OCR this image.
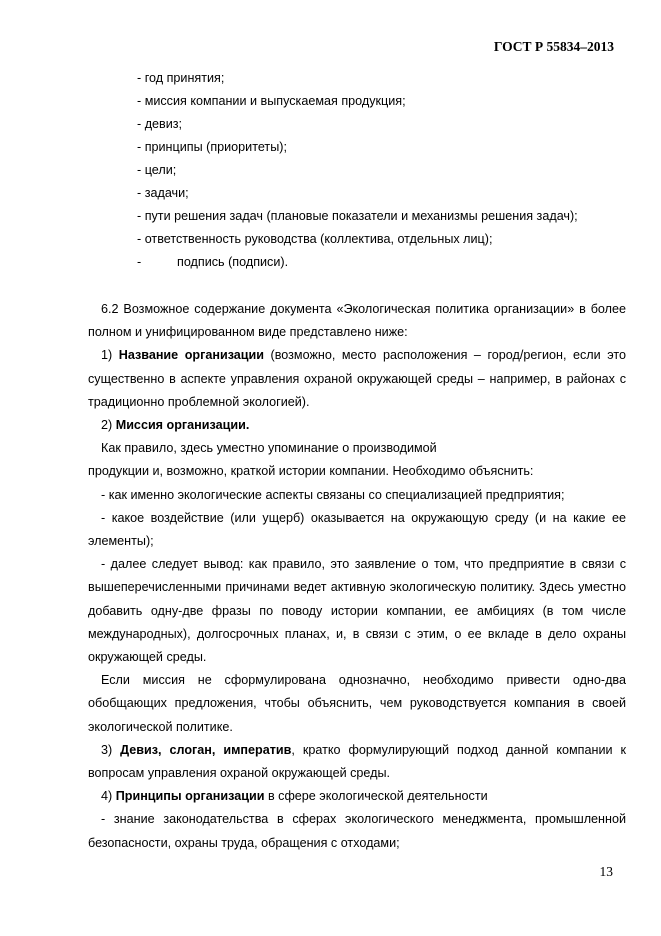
ГОСТ Р 55834–2013
- год принятия;
- миссия компании и выпускаемая продукция;
- девиз;
- принципы (приоритеты);
- цели;
- задачи;
- пути решения задач (плановые показатели и механизмы решения задач);
- ответственность руководства (коллектива, отдельных лиц);
-	подпись (подписи).

6.2 Возможное содержание документа «Экологическая политика организации» в более полном и унифицированном виде представлено ниже:

1) Название организации (возможно, место расположения – город/регион, если это существенно в аспекте управления охраной окружающей среды – например, в районах с традиционно проблемной экологией).

2) Миссия организации.

Как правило, здесь уместно упоминание о производимой

продукции и, возможно, краткой истории компании. Необходимо объяснить:

- как именно экологические аспекты связаны со специализацией предприятия;

- какое воздействие (или ущерб) оказывается на окружающую среду (и на какие ее элементы);

- далее следует вывод: как правило, это заявление о том, что предприятие в связи с вышеперечисленными причинами ведет активную экологическую политику. Здесь уместно добавить одну-две фразы по поводу истории компании, ее амбициях (в том числе международных), долгосрочных планах, и, в связи с этим, о ее вкладе в дело охраны окружающей среды.

Если миссия не сформулирована однозначно, необходимо привести одно-два обобщающих предложения, чтобы объяснить, чем руководствуется компания в своей экологической политике.

3) Девиз, слоган, императив, кратко формулирующий подход данной компании к вопросам управления охраной окружающей среды.

4) Принципы организации в сфере экологической деятельности

- знание законодательства в сферах экологического менеджмента, промышленной безопасности, охраны труда, обращения с отходами;

13
